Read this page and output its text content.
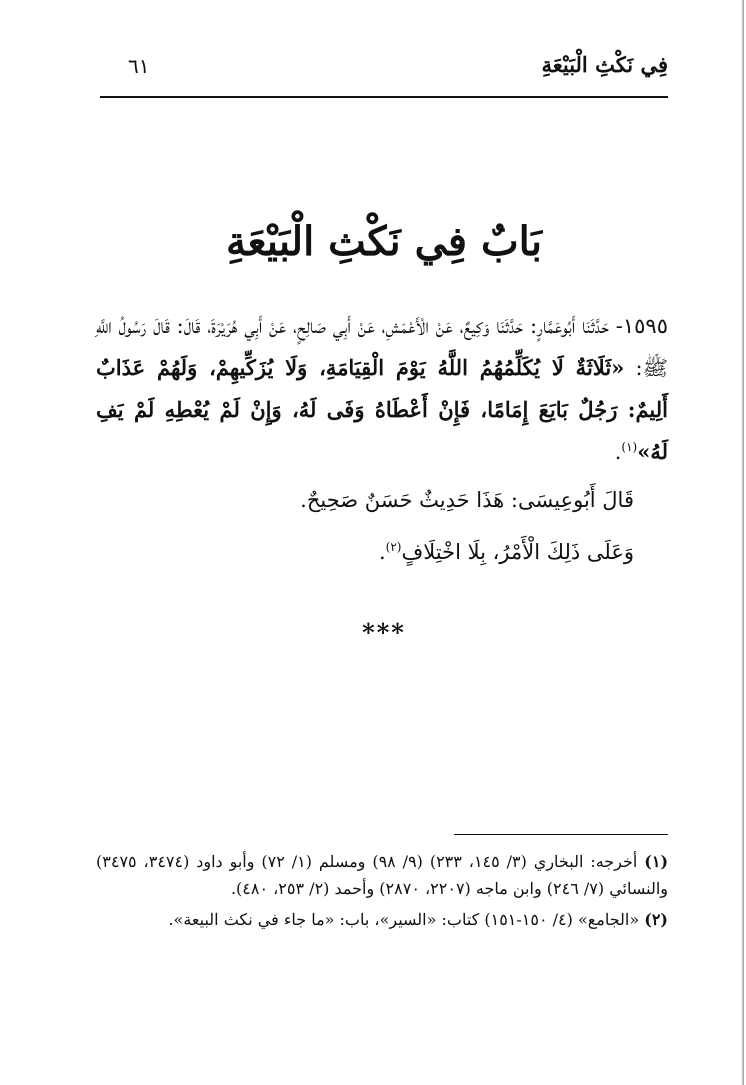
فِي نَكْثِ الْبَيْعَةِ
٦١
بَابٌ فِي نَكْثِ الْبَيْعَةِ

١٥٩٥- حَدَّثَنَا أَبُوعَمَّارٍ: حَدَّثَنَا وَكِيعٌ، عَنْ الْأَعْمَشِ، عَنْ أَبِي صَالِحٍ، عَنْ أَبِي هُرَيْرَةَ، قَالَ: قَالَ رَسُولُ اللَّهِ ﷺ: «ثَلَاثَةٌ لَا يُكَلِّمُهُمُ اللَّهُ يَوْمَ الْقِيَامَةِ، وَلَا يُزَكِّيهِمْ، وَلَهُمْ عَذَابٌ أَلِيمٌ: رَجُلٌ بَايَعَ إِمَامًا، فَإِنْ أَعْطَاهُ وَفَى لَهُ، وَإِنْ لَمْ يُعْطِهِ لَمْ يَفِ لَهُ»$^{(١)}$.

قَالَ أَبُوعِيسَى: هَذَا حَدِيثٌ حَسَنٌ صَحِيحٌ.

وَعَلَى ذَلِكَ الْأَمْرُ، بِلَا اخْتِلَافٍ$^{(٢)}$.

***

(١) أخرجه: البخاري (٣/ ١٤٥، ٢٣٣) (٩/ ٩٨) ومسلم (١/ ٧٢) وأبو داود (٣٤٧٤، ٣٤٧٥) والنسائي (٧/ ٢٤٦) وابن ماجه (٢٢٠٧، ٢٨٧٠) وأحمد (٢/ ٢٥٣، ٤٨٠).

(٢) «الجامع» (٤/ ١٥٠-١٥١) كتاب: «السير»، باب: «ما جاء في نكث البيعة».
